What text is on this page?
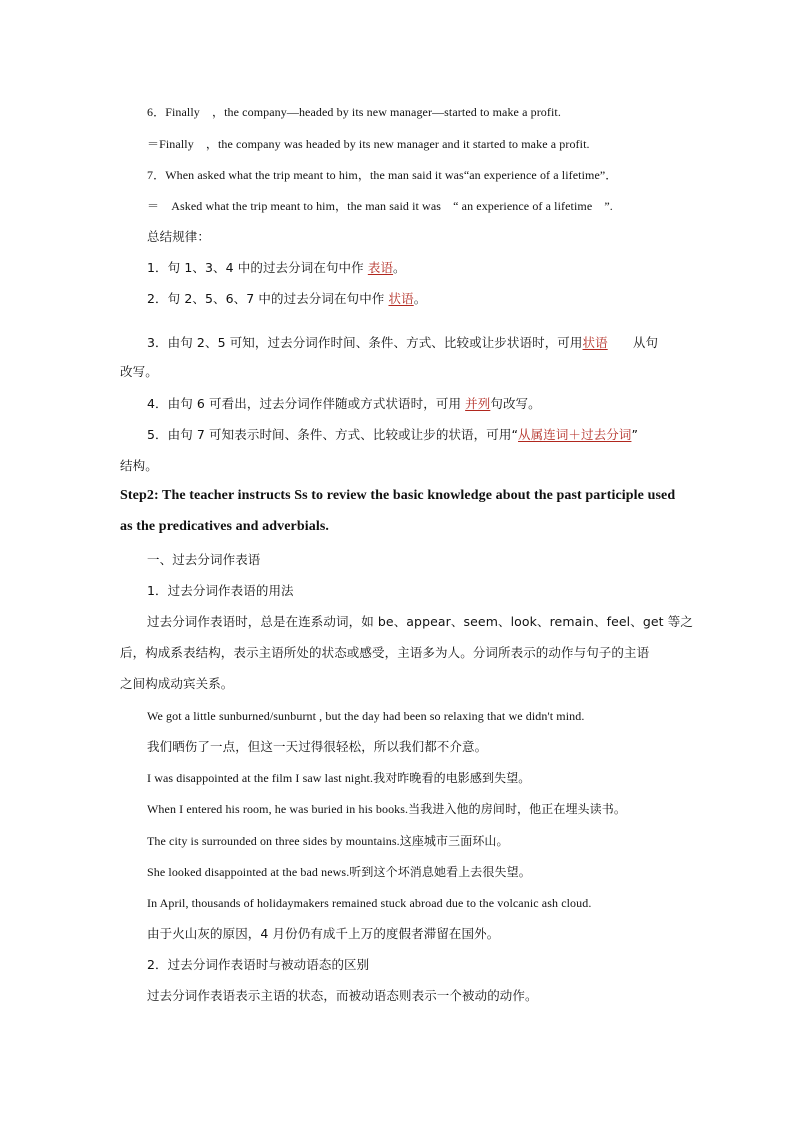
6．Finally　，the company—headed by its new manager—started to make a profit.
＝Finally　，the company was headed by its new manager and it started to make a profit.
7．When asked what the trip meant to him，the man said it was“an experience of a lifetime”．
＝　Asked what the trip meant to him，the man said it was　“ an experience of a lifetime　”.
总结规律：
1．句 1、3、4 中的过去分词在句中作 表语。
2．句 2、5、6、7 中的过去分词在句中作 状语。
3．由句 2、5 可知，过去分词作时间、条件、方式、比较或让步状语时，可用状语　　从句
改写。
4．由句 6 可看出，过去分词作伴随或方式状语时，可用 并列句改写。
5．由句 7 可知表示时间、条件、方式、比较或让步的状语，可用“从属连词＋过去分词”
结构。
Step2: The teacher instructs Ss to review the basic knowledge about the past participle used
as the predicatives and adverbials.
一、过去分词作表语
1．过去分词作表语的用法
过去分词作表语时，总是在连系动词，如 be、appear、seem、look、remain、feel、get 等之
后，构成系表结构，表示主语所处的状态或感受，主语多为人。分词所表示的动作与句子的主语
之间构成动宾关系。
We got a little sunburned/sunburnt , but the day had been so relaxing that we didn't mind.
我们晒伤了一点，但这一天过得很轻松，所以我们都不介意。
I was disappointed at the film I saw last night.我对昨晚看的电影感到失望。
When I entered his room, he was buried in his books.当我进入他的房间时，他正在埋头读书。
The city is surrounded on three sides by mountains.这座城市三面环山。
She looked disappointed at the bad news.听到这个坏消息她看上去很失望。
In April, thousands of holidaymakers remained stuck abroad due to the volcanic ash cloud.
由于火山灰的原因，4 月份仍有成千上万的度假者滞留在国外。
2．过去分词作表语时与被动语态的区别
过去分词作表语表示主语的状态，而被动语态则表示一个被动的动作。
